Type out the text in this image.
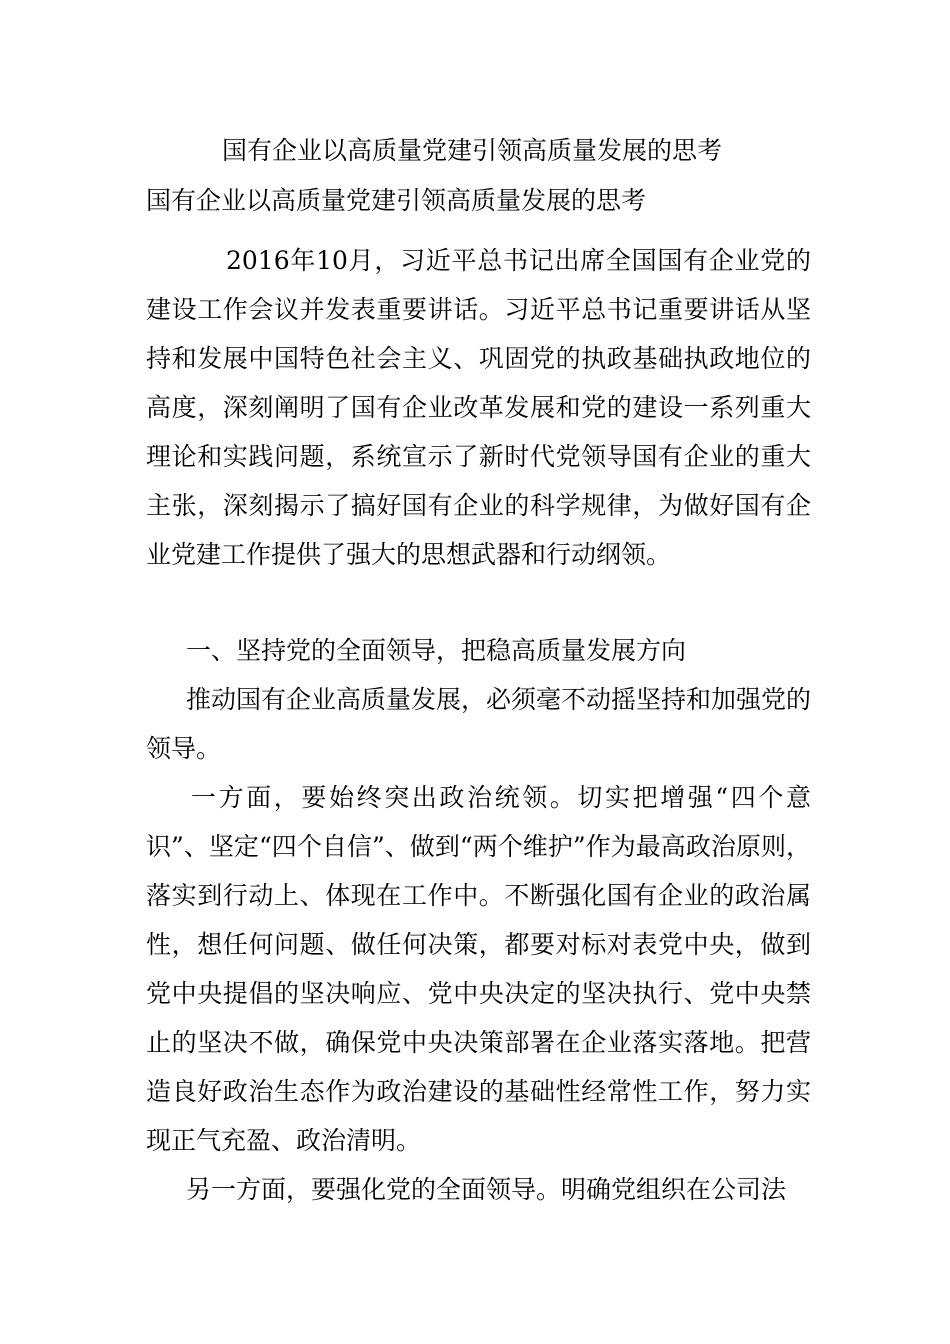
国有企业以高质量党建引领高质量发展的思考

国有企业以高质量党建引领高质量发展的思考

2016年10月，习近平总书记出席全国国有企业党的建设工作会议并发表重要讲话。习近平总书记重要讲话从坚持和发展中国特色社会主义、巩固党的执政基础执政地位的高度，深刻阐明了国有企业改革发展和党的建设一系列重大理论和实践问题，系统宣示了新时代党领导国有企业的重大主张，深刻揭示了搞好国有企业的科学规律，为做好国有企业党建工作提供了强大的思想武器和行动纲领。

一、坚持党的全面领导，把稳高质量发展方向

推动国有企业高质量发展，必须毫不动摇坚持和加强党的领导。

一方面，要始终突出政治统领。切实把增强“四个意识”、坚定“四个自信”、做到“两个维护”作为最高政治原则，落实到行动上、体现在工作中。不断强化国有企业的政治属性，想任何问题、做任何决策，都要对标对表党中央，做到党中央提倡的坚决响应、党中央决定的坚决执行、党中央禁止的坚决不做，确保党中央决策部署在企业落实落地。把营造良好政治生态作为政治建设的基础性经常性工作，努力实现正气充盈、政治清明。

另一方面，要强化党的全面领导。明确党组织在公司法
